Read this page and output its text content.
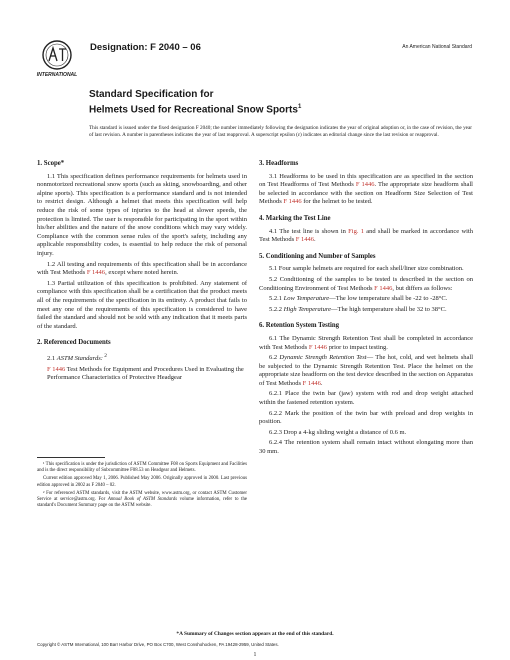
INTERNATIONAL
Designation: F 2040 – 06	An American National Standard
Standard Specification for
Helmets Used for Recreational Snow Sports$^1$
This standard is issued under the fixed designation F 2040; the number immediately following the designation indicates the year of original adoption or, in the case of revision, the year of last revision. A number in parentheses indicates the year of last reapproval. A superscript epsilon (ε) indicates an editorial change since the last revision or reapproval.
1. Scope*
1.1 This specification defines performance requirements for helmets used in nonmotorized recreational snow sports (such as skiing, snowboarding, and other alpine sports). This specification is a performance standard and is not intended to restrict design. Although a helmet that meets this specification will help reduce the risk of some types of injuries to the head at slower speeds, the protection is limited. The user is responsible for participating in the sport within his/her abilities and the nature of the snow conditions which may vary widely. Compliance with the common sense rules of the sport's safety, including any applicable responsibility codes, is essential to help reduce the risk of personal injury.
1.2 All testing and requirements of this specification shall be in accordance with Test Methods F 1446, except where noted herein.
1.3 Partial utilization of this specification is prohibited. Any statement of compliance with this specification shall be a certification that the product meets all of the requirements of the specification in its entirety. A product that fails to meet any one of the requirements of this specification is considered to have failed the standard and should not be sold with any indication that it meets parts of the standard.
2. Referenced Documents
2.1 ASTM Standards: $^2$
F 1446 Test Methods for Equipment and Procedures Used in Evaluating the Performance Characteristics of Protective Headgear
3. Headforms
3.1 Headforms to be used in this specification are as specified in the section on Test Headforms of Test Methods F 1446. The appropriate size headform shall be selected in accordance with the section on Headform Size Selection of Test Methods F 1446 for the helmet to be tested.
4. Marking the Test Line
4.1 The test line is shown in Fig. 1 and shall be marked in accordance with Test Methods F 1446.
5. Conditioning and Number of Samples
5.1 Four sample helmets are required for each shell/liner size combination.
5.2 Conditioning of the samples to be tested is described in the section on Conditioning Environment of Test Methods F 1446, but differs as follows:
5.2.1 Low Temperature—The low temperature shall be -22 to -28°C.
5.2.2 High Temperature—The high temperature shall be 32 to 38°C.
6. Retention System Testing
6.1 The Dynamic Strength Retention Test shall be completed in accordance with Test Methods F 1446 prior to impact testing.
6.2 Dynamic Strength Retention Test— The hot, cold, and wet helmets shall be subjected to the Dynamic Strength Retention Test. Place the helmet on the appropriate size headform on the test device described in the section on Apparatus of Test Methods F 1446.
6.2.1 Place the twin bar (jaw) system with rod and drop weight attached within the fastened retention system.
6.2.2 Mark the position of the twin bar with preload and drop weights in position.
6.2.3 Drop a 4-kg sliding weight a distance of 0.6 m.
6.2.4 The retention system shall remain intact without elongating more than 30 mm.

¹ This specification is under the jurisdiction of ASTM Committee F08 on Sports Equipment and Facilities and is the direct responsibility of Subcommittee F08.53 on Headgear and Helmets.

Current edition approved May 1, 2006. Published May 2006. Originally approved in 2000. Last previous edition approved in 2002 as F 2040 – 02.

² For referenced ASTM standards, visit the ASTM website, www.astm.org, or contact ASTM Customer Service at service@astm.org. For Annual Book of ASTM Standards volume information, refer to the standard's Document Summary page on the ASTM website.

*A Summary of Changes section appears at the end of this standard.
Copyright © ASTM International, 100 Barr Harbor Drive, PO Box C700, West Conshohocken, PA 19428-2959, United States.
1
